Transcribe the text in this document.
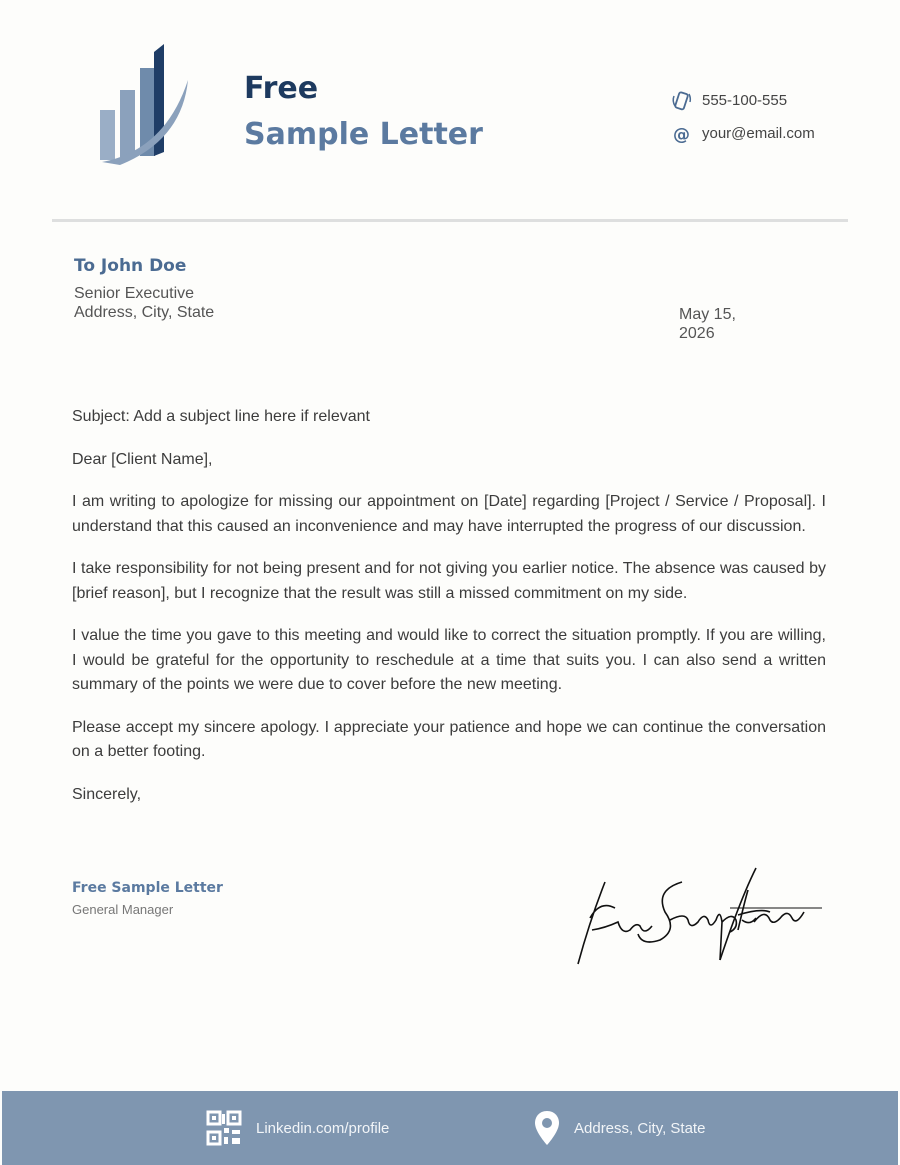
Free
Sample Letter
555-100-555
@ your@email.com
To John Doe
Senior Executive
Address, City, State	May 15, 2026

Subject: Add a subject line here if relevant

Dear [Client Name],

I am writing to apologize for missing our appointment on [Date] regarding [Project / Service / Proposal]. I understand that this caused an inconvenience and may have interrupted the progress of our discussion.

I take responsibility for not being present and for not giving you earlier notice. The absence was caused by [brief reason], but I recognize that the result was still a missed commitment on my side.

I value the time you gave to this meeting and would like to correct the situation promptly. If you are willing, I would be grateful for the opportunity to reschedule at a time that suits you. I can also send a written summary of the points we were due to cover before the new meeting.

Please accept my sincere apology. I appreciate your patience and hope we can continue the conversation on a better footing.

Sincerely,

Free Sample Letter
General Manager
Linkedin.com/profile	Address, City, State
